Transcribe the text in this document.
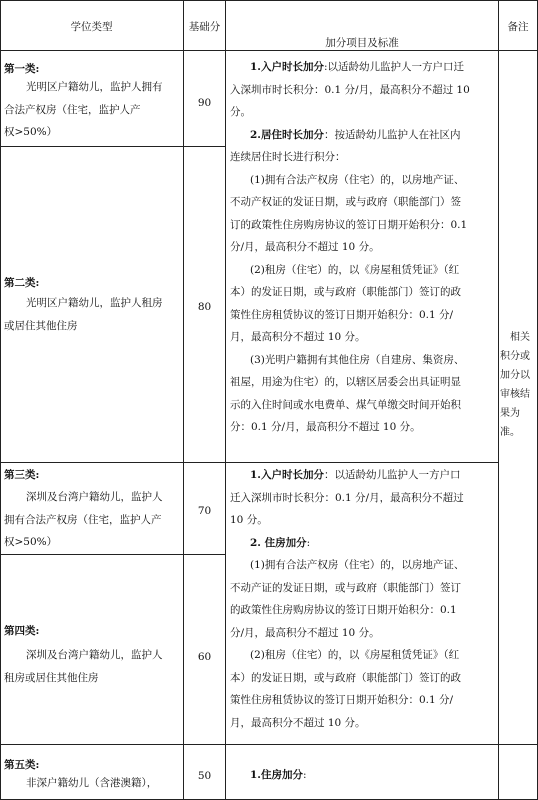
学位类型	基础分
加分项目及标准
备注
第一类:
光明区户籍幼儿，监护人拥有
合法产权房（住宅，监护人产
权>50%）
90
第二类:
光明区户籍幼儿，监护人租房
或居住其他住房
80
第三类:
深圳及台湾户籍幼儿，监护人
拥有合法产权房（住宅，监护人产
权>50%）
70
第四类:
深圳及台湾户籍幼儿，监护人
租房或居住其他住房
60
第五类:
非深户籍幼儿（含港澳籍），
50
1.入户时长加分:以适龄幼儿监护人一方户口迁
入深圳市时长积分：0.1 分/月，最高积分不超过 10
分。
2.居住时长加分：按适龄幼儿监护人在社区内
连续居住时长进行积分：
(1)拥有合法产权房（住宅）的，以房地产证、
不动产权证的发证日期，或与政府（职能部门）签
订的政策性住房购房协议的签订日期开始积分：0.1
分/月，最高积分不超过 10 分。
(2)租房（住宅）的，以《房屋租赁凭证》（红
本）的发证日期，或与政府（职能部门）签订的政
策性住房租赁协议的签订日期开始积分：0.1 分/
月，最高积分不超过 10 分。
(3)光明户籍拥有其他住房（自建房、集资房、
祖屋，用途为住宅）的，以辖区居委会出具证明显
示的入住时间或水电费单、煤气单缴交时间开始积
分：0.1 分/月，最高积分不超过 10 分。
1.入户时长加分：以适龄幼儿监护人一方户口
迁入深圳市时长积分：0.1 分/月，最高积分不超过
10 分。
2. 住房加分:
(1)拥有合法产权房（住宅）的，以房地产证、
不动产证的发证日期，或与政府（职能部门）签订
的政策性住房购房协议的签订日期开始积分：0.1
分/月，最高积分不超过 10 分。
(2)租房（住宅）的，以《房屋租赁凭证》（红
本）的发证日期，或与政府（职能部门）签订的政
策性住房租赁协议的签订日期开始积分：0.1 分/
月，最高积分不超过 10 分。
1.住房加分:
相关
积分或
加分以
审核结
果为
准。
